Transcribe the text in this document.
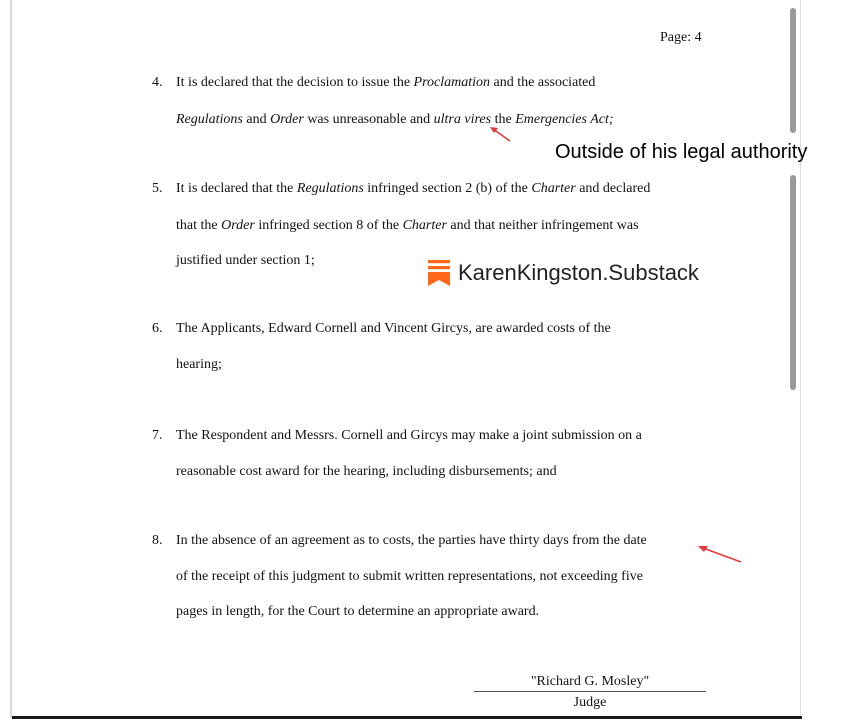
Page: 4
4. It is declared that the decision to issue the Proclamation and the associated
Regulations and Order was unreasonable and ultra vires the Emergencies Act;
5. It is declared that the Regulations infringed section 2 (b) of the Charter and declared
that the Order infringed section 8 of the Charter and that neither infringement was
justified under section 1;
6. The Applicants, Edward Cornell and Vincent Gircys, are awarded costs of the
hearing;
7. The Respondent and Messrs. Cornell and Gircys may make a joint submission on a
reasonable cost award for the hearing, including disbursements; and
8. In the absence of an agreement as to costs, the parties have thirty days from the date
of the receipt of this judgment to submit written representations, not exceeding five
pages in length, for the Court to determine an appropriate award.
Outside of his legal authority
KarenKingston.Substack
"Richard G. Mosley"
Judge
